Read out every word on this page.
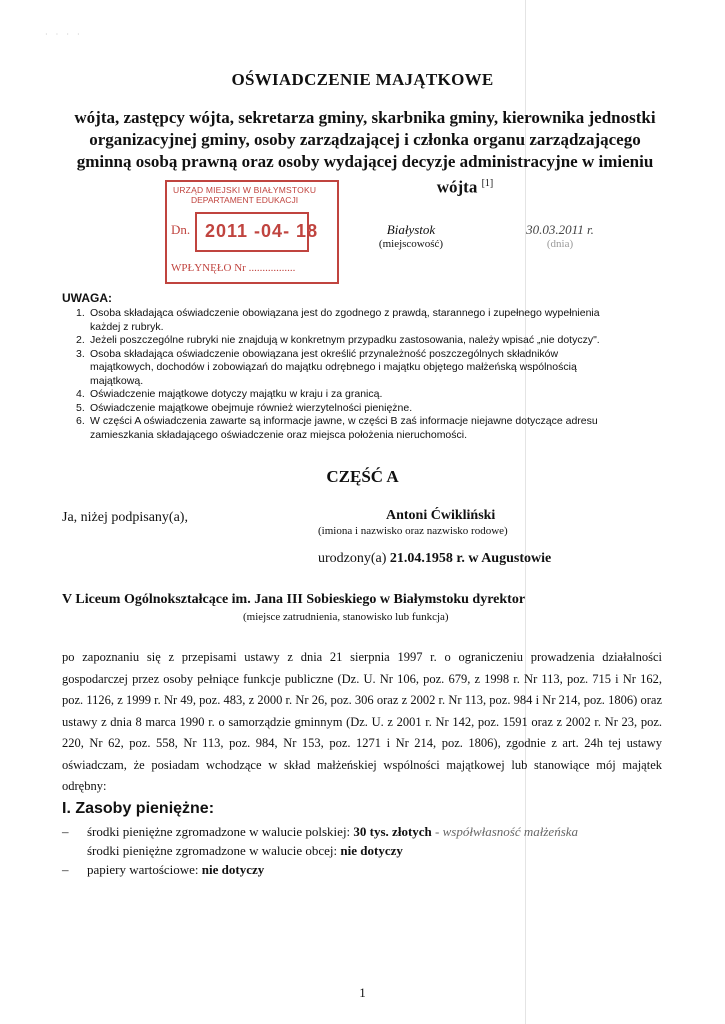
· · · ·
OŚWIADCZENIE MAJĄTKOWE
wójta, zastępcy wójta, sekretarza gminy, skarbnika gminy, kierownika jednostki
organizacyjnej gminy, osoby zarządzającej i członka organu zarządzającego
gminną osobą prawną oraz osoby wydającej decyzje administracyjne w imieniu
wójta [1]
URZĄD MIEJSKI W BIAŁYMSTOKU
DEPARTAMENT EDUKACJI
Dn. 2011 -04- 18
WPŁYNĘŁO Nr .................
Białystok
(miejscowość)
30.03.2011 r.
(dnia)
UWAGA:
1. Osoba składająca oświadczenie obowiązana jest do zgodnego z prawdą, starannego i zupełnego wypełnienia
każdej z rubryk.
2. Jeżeli poszczególne rubryki nie znajdują w konkretnym przypadku zastosowania, należy wpisać „nie dotyczy".
3. Osoba składająca oświadczenie obowiązana jest określić przynależność poszczególnych składników
majątkowych, dochodów i zobowiązań do majątku odrębnego i majątku objętego małżeńską wspólnością
majątkową.
4. Oświadczenie majątkowe dotyczy majątku w kraju i za granicą.
5. Oświadczenie majątkowe obejmuje również wierzytelności pieniężne.
6. W części A oświadczenia zawarte są informacje jawne, w części B zaś informacje niejawne dotyczące adresu
zamieszkania składającego oświadczenie oraz miejsca położenia nieruchomości.
CZĘŚĆ A
Ja, niżej podpisany(a),	Antoni Ćwikliński
(imiona i nazwisko oraz nazwisko rodowe)
urodzony(a) 21.04.1958 r. w Augustowie
V Liceum Ogólnokształcące im. Jana III Sobieskiego w Białymstoku dyrektor
(miejsce zatrudnienia, stanowisko lub funkcja)
po zapoznaniu się z przepisami ustawy z dnia 21 sierpnia 1997 r. o ograniczeniu prowadzenia działalności gospodarczej przez osoby pełniące funkcje publiczne (Dz. U. Nr 106, poz. 679, z 1998 r. Nr 113, poz. 715 i Nr 162, poz. 1126, z 1999 r. Nr 49, poz. 483, z 2000 r. Nr 26, poz. 306 oraz z 2002 r. Nr 113, poz. 984 i Nr 214, poz. 1806) oraz ustawy z dnia 8 marca 1990 r. o samorządzie gminnym (Dz. U. z 2001 r. Nr 142, poz. 1591 oraz z 2002 r. Nr 23, poz. 220, Nr 62, poz. 558, Nr 113, poz. 984, Nr 153, poz. 1271 i Nr 214, poz. 1806), zgodnie z art. 24h tej ustawy oświadczam, że posiadam wchodzące w skład małżeńskiej wspólności majątkowej lub stanowiące mój majątek odrębny:
I. Zasoby pieniężne:
– środki pieniężne zgromadzone w walucie polskiej: 30 tys. złotych - współwłasność małżeńska
środki pieniężne zgromadzone w walucie obcej: nie dotyczy
– papiery wartościowe: nie dotyczy
1
